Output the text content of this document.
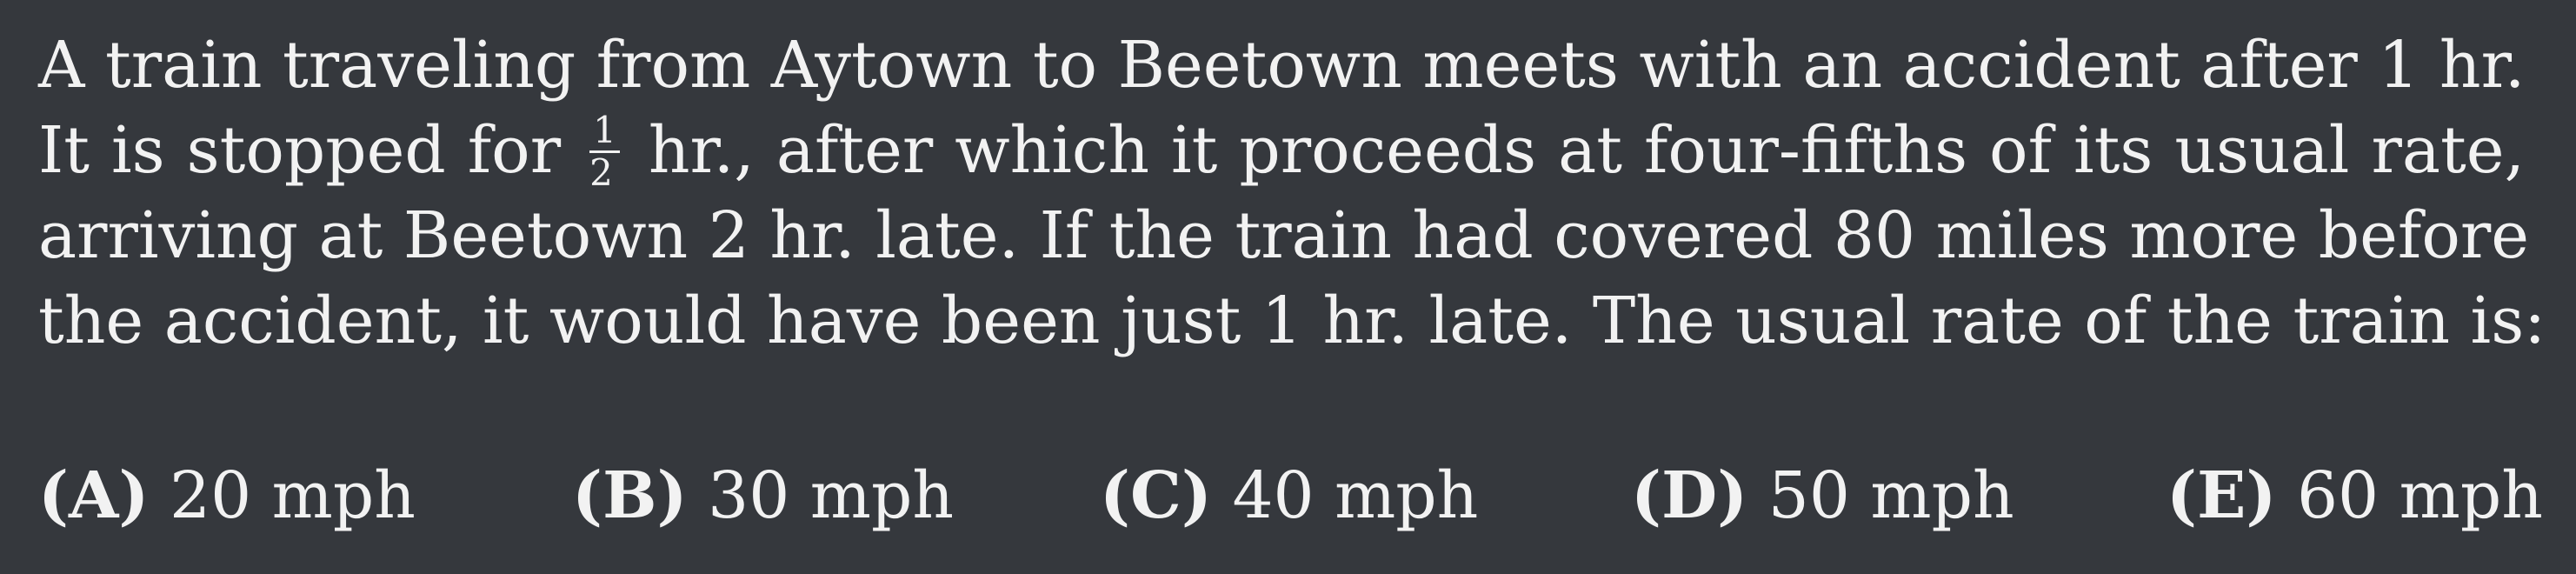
A train traveling from Aytown to Beetown meets with an accident after 1 hr.
It is stopped for $\frac{1}{2}$ hr., after which it proceeds at four-fifths of its usual rate,
arriving at Beetown 2 hr. late. If the train had covered 80 miles more before
the accident, it would have been just 1 hr. late. The usual rate of the train is:
(A) 20 mph (B) 30 mph (C) 40 mph (D) 50 mph (E) 60 mph
